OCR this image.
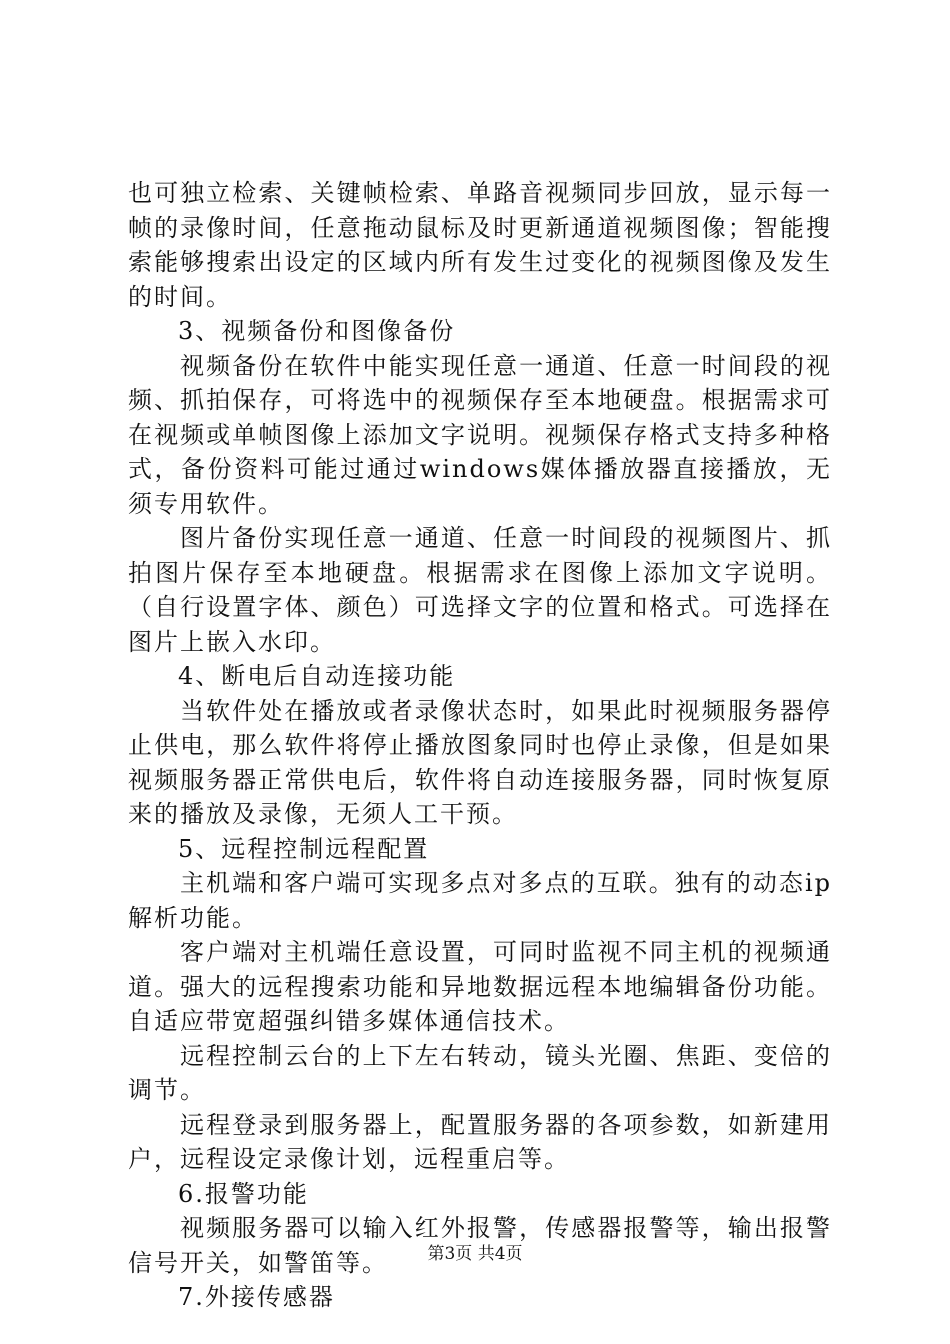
也可独立检索、关键帧检索、单路音视频同步回放，显示每一帧的录像时间，任意拖动鼠标及时更新通道视频图像；智能搜索能够搜索出设定的区域内所有发生过变化的视频图像及发生的时间。

3、视频备份和图像备份

视频备份在软件中能实现任意一通道、任意一时间段的视频、抓拍保存，可将选中的视频保存至本地硬盘。根据需求可在视频或单帧图像上添加文字说明。视频保存格式支持多种格式，备份资料可能过通过windows媒体播放器直接播放，无须专用软件。

图片备份实现任意一通道、任意一时间段的视频图片、抓拍图片保存至本地硬盘。根据需求在图像上添加文字说明。（自行设置字体、颜色）可选择文字的位置和格式。可选择在图片上嵌入水印。

4、断电后自动连接功能

当软件处在播放或者录像状态时，如果此时视频服务器停止供电，那么软件将停止播放图象同时也停止录像，但是如果视频服务器正常供电后，软件将自动连接服务器，同时恢复原来的播放及录像，无须人工干预。

5、远程控制远程配置

主机端和客户端可实现多点对多点的互联。独有的动态ip解析功能。

客户端对主机端任意设置，可同时监视不同主机的视频通道。强大的远程搜索功能和异地数据远程本地编辑备份功能。自适应带宽超强纠错多媒体通信技术。

远程控制云台的上下左右转动，镜头光圈、焦距、变倍的调节。

远程登录到服务器上，配置服务器的各项参数，如新建用户，远程设定录像计划，远程重启等。

6.报警功能

视频服务器可以输入红外报警，传感器报警等，输出报警信号开关，如警笛等。

7.外接传感器

第3页 共4页
